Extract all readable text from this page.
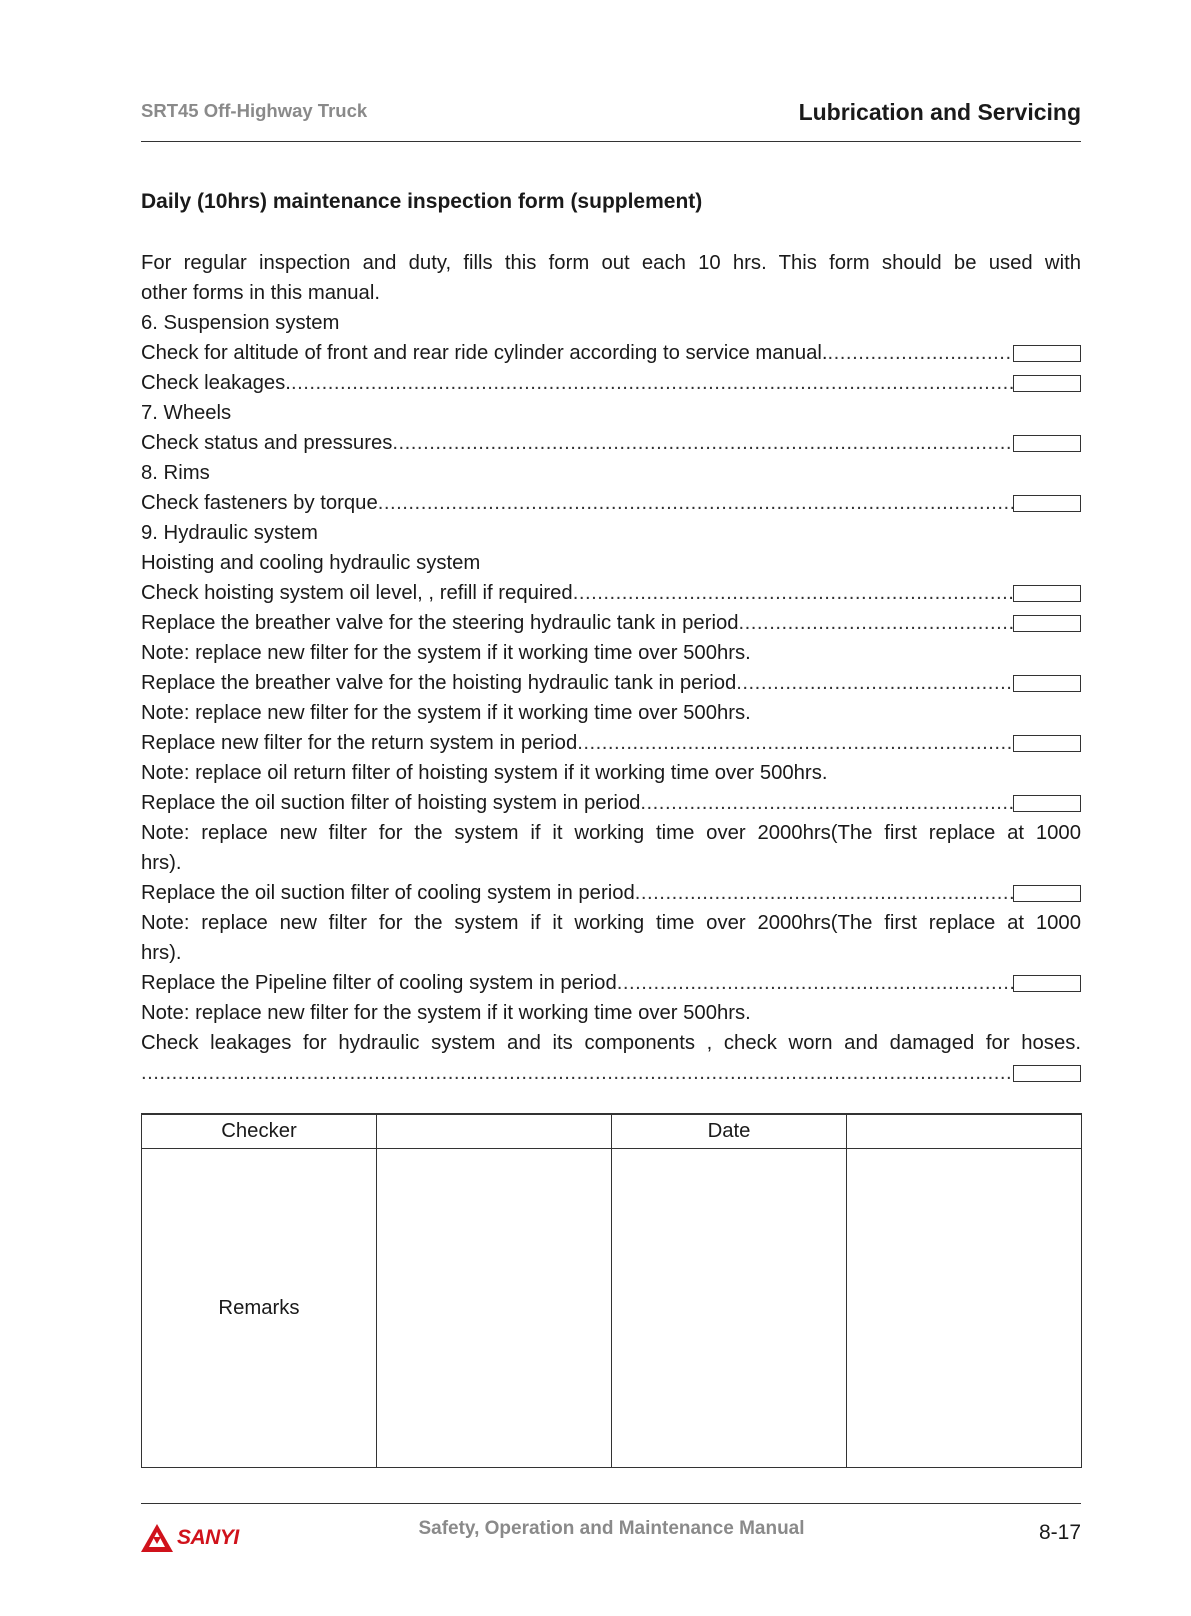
SRT45 Off-Highway Truck	Lubrication and Servicing
Daily (10hrs) maintenance inspection form (supplement)
For regular inspection and duty, fills this form out each 10 hrs. This form should be used with
other forms in this manual.
6. Suspension system
Check for altitude of front and rear ride cylinder according to service manual.
.....
Check leakages.
.....
7. Wheels
Check status and pressures
.....
8. Rims
Check fasteners by torque
.....
9. Hydraulic system
Hoisting and cooling hydraulic system
Check hoisting system oil level, , refill if required
.....
Replace the breather valve for the steering hydraulic tank in period
.....
Note: replace new filter for the system if it working time over 500hrs.
Replace the breather valve for the hoisting hydraulic tank in period
.....
Note: replace new filter for the system if it working time over 500hrs.
Replace new filter for the return system in period
.....
Note: replace oil return filter of hoisting system if it working time over 500hrs.
Replace the oil suction filter of hoisting system in period
.....
Note: replace new filter for the system if it working time over 2000hrs(The first replace at 1000
hrs).
Replace the oil suction filter of cooling system in period
.....
Note: replace new filter for the system if it working time over 2000hrs(The first replace at 1000
hrs).
Replace the Pipeline filter of cooling system in period
.....
Note: replace new filter for the system if it working time over 500hrs.
Check leakages for hydraulic system and its components , check worn and damaged for hoses.
.....
Checker		Date	
Remarks			
SANYI	Safety, Operation and Maintenance Manual	8-17
